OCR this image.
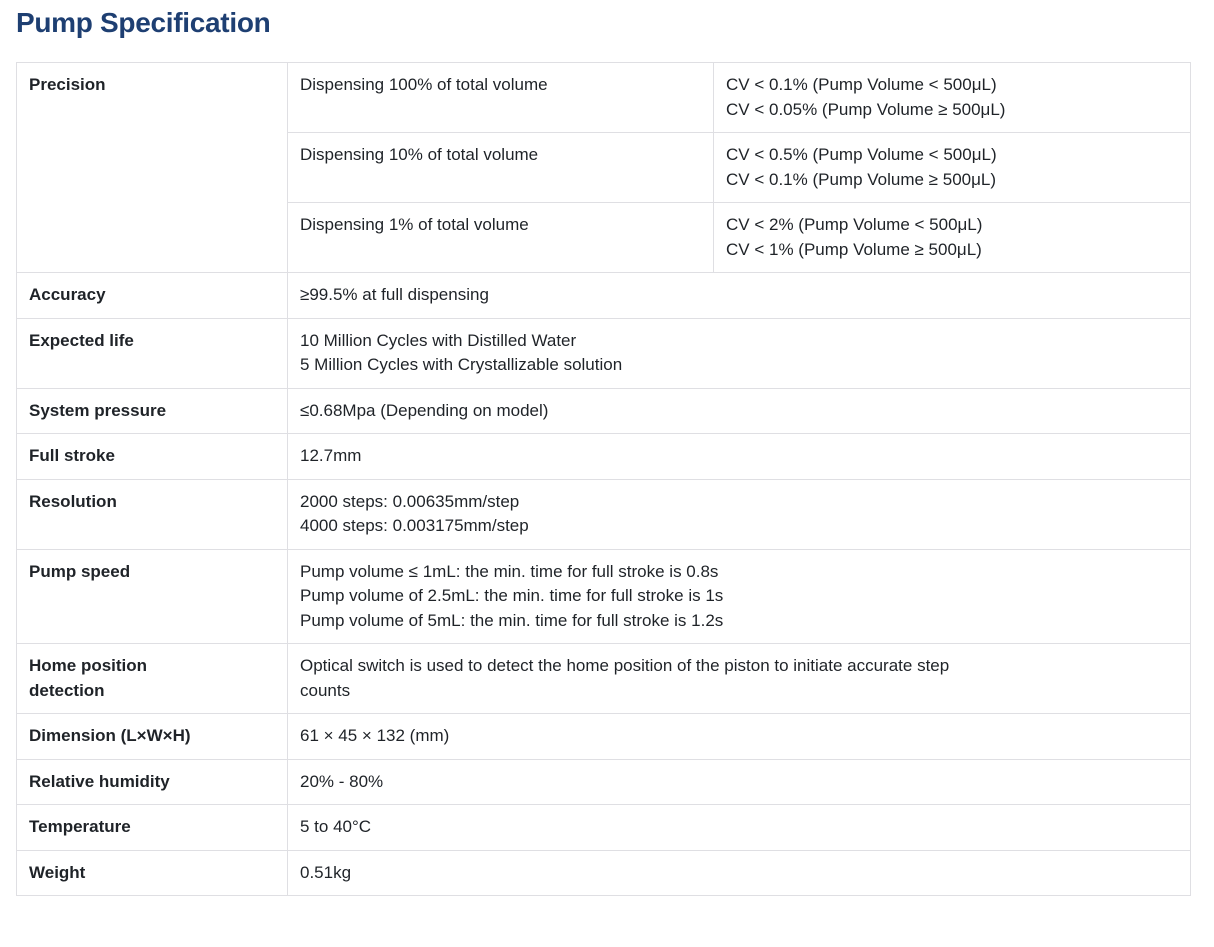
Pump Specification
Precision	Dispensing 100% of total volume	CV < 0.1% (Pump Volume < 500μL)
CV < 0.05% (Pump Volume ≥ 500μL)

	Dispensing 10% of total volume	CV < 0.5% (Pump Volume < 500μL)
CV < 0.1% (Pump Volume ≥ 500μL)

	Dispensing 1% of total volume	CV < 2% (Pump Volume < 500μL)
CV < 1% (Pump Volume ≥ 500μL)

Accuracy	≥99.5% at full dispensing	

Expected life	10 Million Cycles with Distilled Water
5 Million Cycles with Crystallizable solution	

System pressure	≤0.68Mpa (Depending on model)	

Full stroke	12.7mm	

Resolution	2000 steps: 0.00635mm/step
4000 steps: 0.003175mm/step	

Pump speed	Pump volume ≤ 1mL: the min. time for full stroke is 0.8s
Pump volume of 2.5mL: the min. time for full stroke is 1s
Pump volume of 5mL: the min. time for full stroke is 1.2s	

Home position detection	Optical switch is used to detect the home position of the piston to initiate accurate step counts	

Dimension (L×W×H)	61 × 45 × 132 (mm)	

Relative humidity	20% - 80%	

Temperature	5 to 40°C	

Weight	0.51kg	
